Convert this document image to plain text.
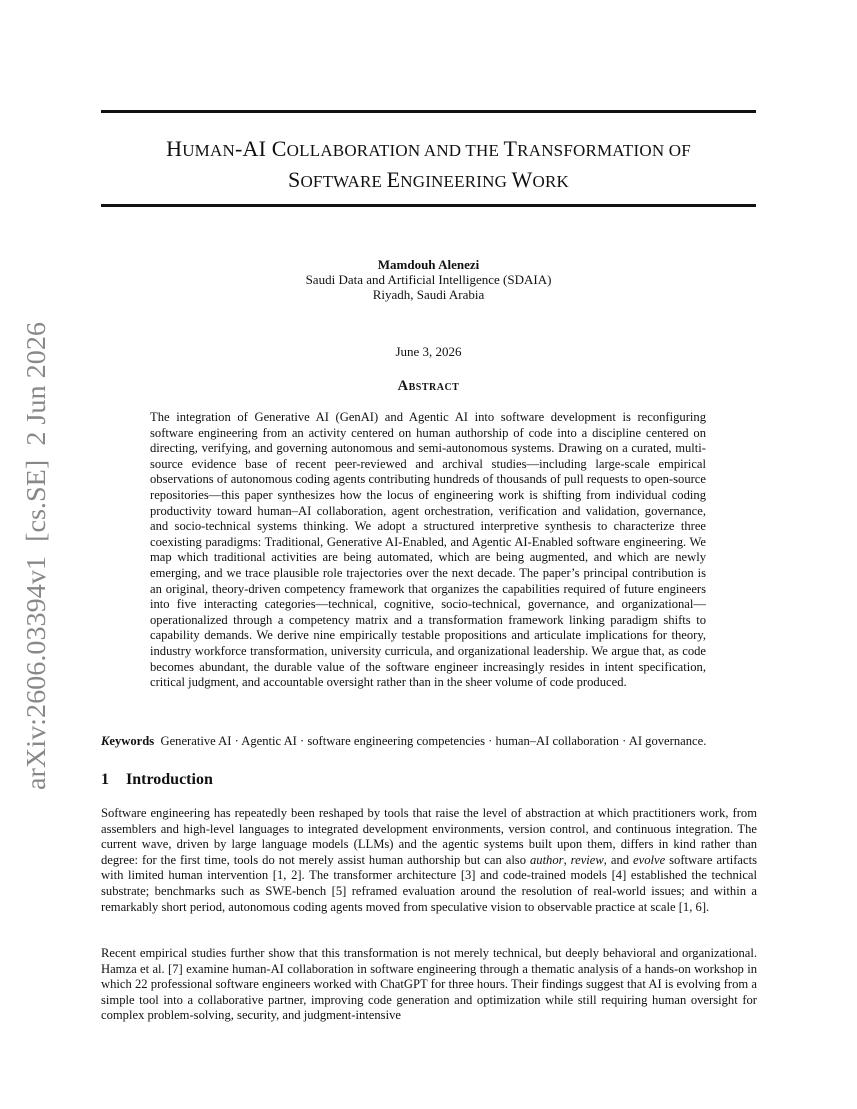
arXiv:2606.03394v1  [cs.SE]  2 Jun 2026
HUMAN-AI COLLABORATION AND THE TRANSFORMATION OF
SOFTWARE ENGINEERING WORK
Mamdouh Alenezi
Saudi Data and Artificial Intelligence (SDAIA)
Riyadh, Saudi Arabia
June 3, 2026
Abstract
The integration of Generative AI (GenAI) and Agentic AI into software development is reconfiguring software engineering from an activity centered on human authorship of code into a discipline centered on directing, verifying, and governing autonomous and semi-autonomous systems. Drawing on a curated, multi-source evidence base of recent peer-reviewed and archival studies—including large-scale empirical observations of autonomous coding agents contributing hundreds of thousands of pull requests to open-source repositories—this paper synthesizes how the locus of engineering work is shifting from individual coding productivity toward human–AI collaboration, agent orchestration, verification and validation, governance, and socio-technical systems thinking. We adopt a structured interpretive synthesis to characterize three coexisting paradigms: Traditional, Generative AI-Enabled, and Agentic AI-Enabled software engineering. We map which traditional activities are being automated, which are being augmented, and which are newly emerging, and we trace plausible role trajectories over the next decade. The paper’s principal contribution is an original, theory-driven competency framework that organizes the capabilities required of future engineers into five interacting categories—technical, cognitive, socio-technical, governance, and organizational—operationalized through a competency matrix and a transformation framework linking paradigm shifts to capability demands. We derive nine empirically testable propositions and articulate implications for theory, industry workforce transformation, university curricula, and organizational leadership. We argue that, as code becomes abundant, the durable value of the software engineer increasingly resides in intent specification, critical judgment, and accountable oversight rather than in the sheer volume of code produced.
Keywords Generative AI · Agentic AI · software engineering competencies · human–AI collaboration · AI governance.
1 Introduction
Software engineering has repeatedly been reshaped by tools that raise the level of abstraction at which practitioners work, from assemblers and high-level languages to integrated development environments, version control, and continuous integration. The current wave, driven by large language models (LLMs) and the agentic systems built upon them, differs in kind rather than degree: for the first time, tools do not merely assist human authorship but can also author, review, and evolve software artifacts with limited human intervention [1, 2]. The transformer architecture [3] and code-trained models [4] established the technical substrate; benchmarks such as SWE-bench [5] reframed evaluation around the resolution of real-world issues; and within a remarkably short period, autonomous coding agents moved from speculative vision to observable practice at scale [1, 6].
Recent empirical studies further show that this transformation is not merely technical, but deeply behavioral and organizational. Hamza et al. [7] examine human-AI collaboration in software engineering through a thematic analysis of a hands-on workshop in which 22 professional software engineers worked with ChatGPT for three hours. Their findings suggest that AI is evolving from a simple tool into a collaborative partner, improving code generation and optimization while still requiring human oversight for complex problem-solving, security, and judgment-intensive
